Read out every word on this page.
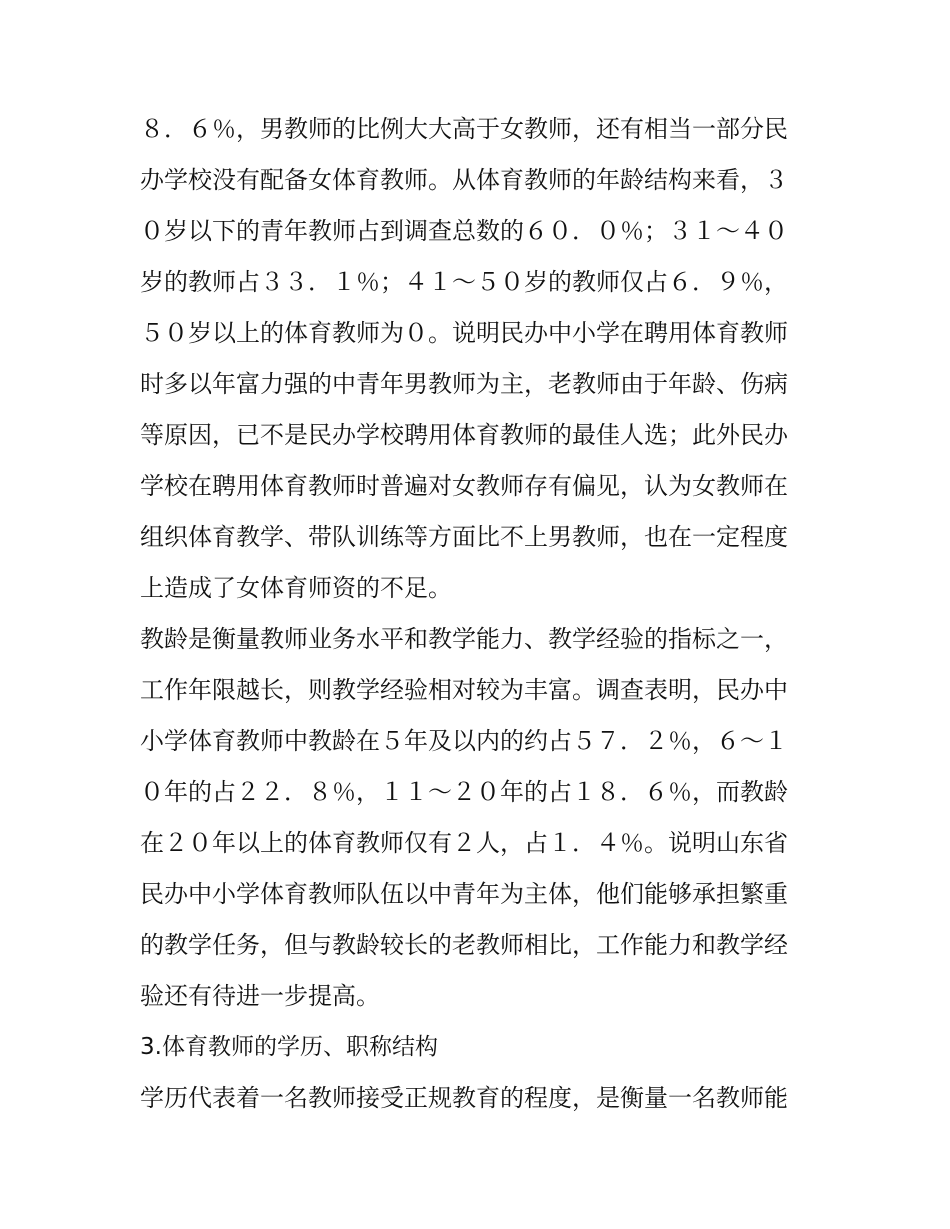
８．６％，男教师的比例大大高于女教师，还有相当一部分民
办学校没有配备女体育教师。从体育教师的年龄结构来看，３
０岁以下的青年教师占到调查总数的６０．０％；３１～４０
岁的教师占３３．１％；４１～５０岁的教师仅占６．９％，
５０岁以上的体育教师为０。说明民办中小学在聘用体育教师
时多以年富力强的中青年男教师为主，老教师由于年龄、伤病
等原因，已不是民办学校聘用体育教师的最佳人选；此外民办
学校在聘用体育教师时普遍对女教师存有偏见，认为女教师在
组织体育教学、带队训练等方面比不上男教师，也在一定程度
上造成了女体育师资的不足。
教龄是衡量教师业务水平和教学能力、教学经验的指标之一，
工作年限越长，则教学经验相对较为丰富。调查表明，民办中
小学体育教师中教龄在５年及以内的约占５７．２％，６～１
０年的占２２．８％，１１～２０年的占１８．６％，而教龄
在２０年以上的体育教师仅有２人，占１．４％。说明山东省
民办中小学体育教师队伍以中青年为主体，他们能够承担繁重
的教学任务，但与教龄较长的老教师相比，工作能力和教学经
验还有待进一步提高。
3.体育教师的学历、职称结构
学历代表着一名教师接受正规教育的程度，是衡量一名教师能
